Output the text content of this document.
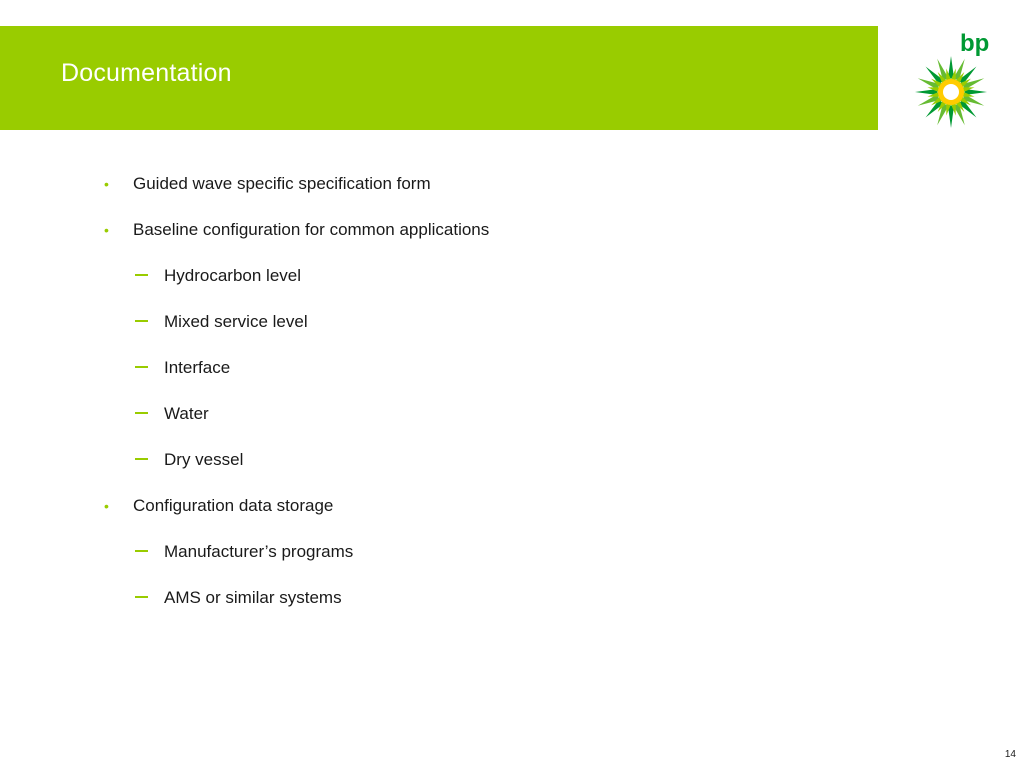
Documentation
bp
• Guided wave specific specification form
• Baseline configuration for common applications
Hydrocarbon level
Mixed service level
Interface
Water
Dry vessel
• Configuration data storage
Manufacturer’s programs
AMS or similar systems
14
